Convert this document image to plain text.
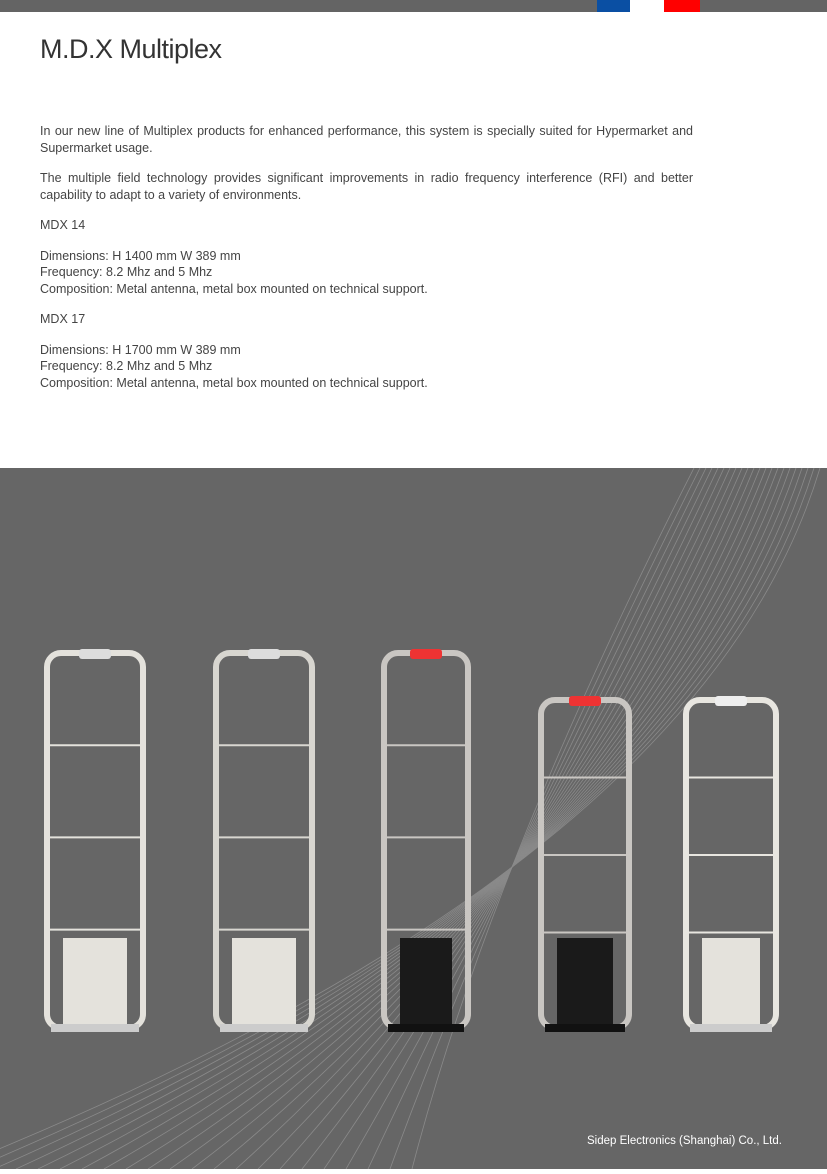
M.D.X Multiplex

In our new line of Multiplex products for enhanced performance, this system is specially suited for Hypermarket and Supermarket usage.

The multiple field technology provides significant improvements in radio frequency interference (RFI) and better capability to adapt to a variety of environments.

MDX 14

Dimensions: H 1400 mm W 389 mm
Frequency: 8.2 Mhz and 5 Mhz

Composition: Metal antenna, metal box mounted on technical support.

MDX 17

Dimensions: H 1700 mm W 389 mm
Frequency: 8.2 Mhz and 5 Mhz

Composition: Metal antenna, metal box mounted on technical support.

Sidep Electronics (Shanghai) Co., Ltd.
